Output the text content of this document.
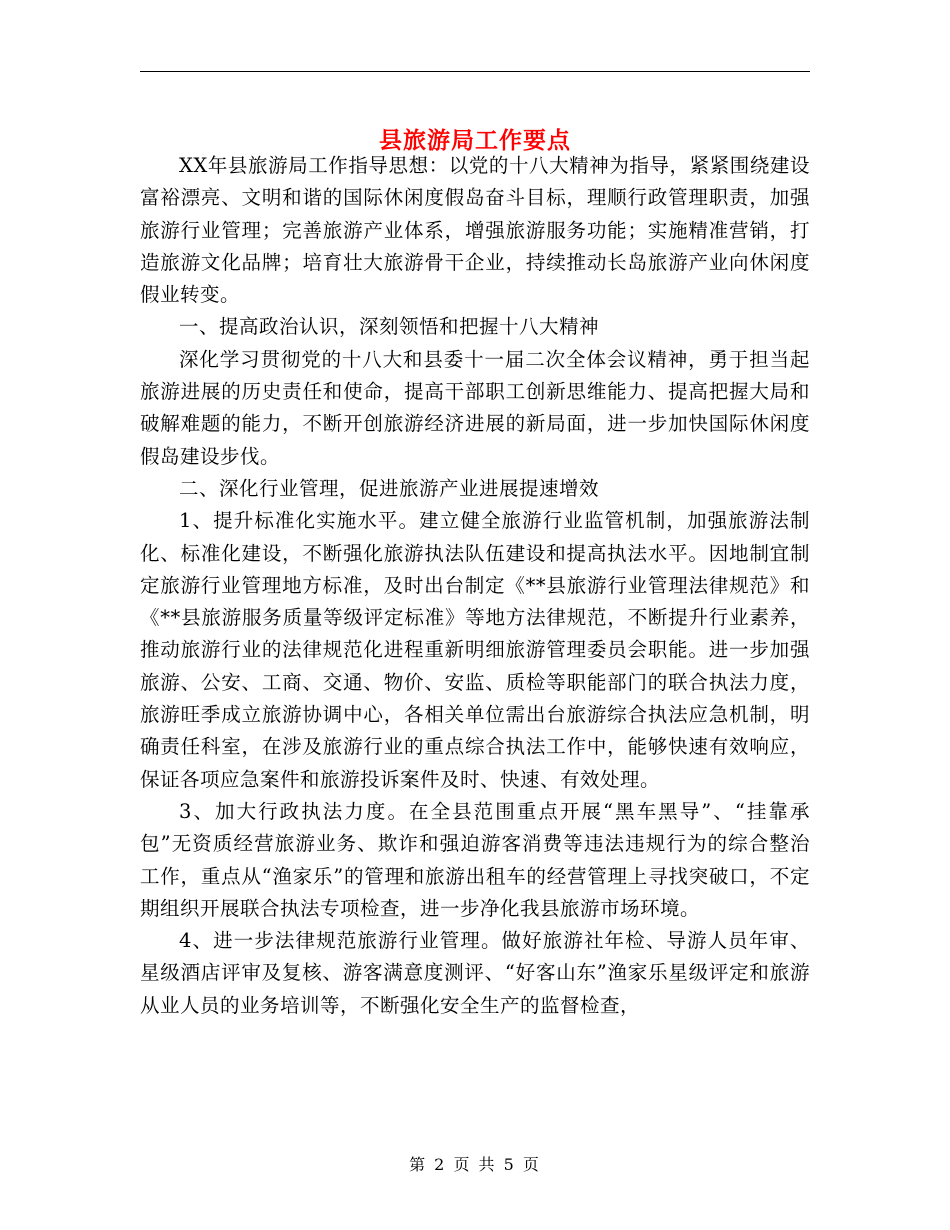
县旅游局工作要点

XX年县旅游局工作指导思想：以党的十八大精神为指导，紧紧围绕建设富裕漂亮、文明和谐的国际休闲度假岛奋斗目标，理顺行政管理职责，加强旅游行业管理；完善旅游产业体系，增强旅游服务功能；实施精准营销，打造旅游文化品牌；培育壮大旅游骨干企业，持续推动长岛旅游产业向休闲度假业转变。

一、提高政治认识，深刻领悟和把握十八大精神

深化学习贯彻党的十八大和县委十一届二次全体会议精神，勇于担当起旅游进展的历史责任和使命，提高干部职工创新思维能力、提高把握大局和破解难题的能力，不断开创旅游经济进展的新局面，进一步加快国际休闲度假岛建设步伐。

二、深化行业管理，促进旅游产业进展提速增效

1、提升标准化实施水平。建立健全旅游行业监管机制，加强旅游法制化、标准化建设，不断强化旅游执法队伍建设和提高执法水平。因地制宜制定旅游行业管理地方标准，及时出台制定《**县旅游行业管理法律规范》和《**县旅游服务质量等级评定标准》等地方法律规范，不断提升行业素养，推动旅游行业的法律规范化进程重新明细旅游管理委员会职能。进一步加强旅游、公安、工商、交通、物价、安监、质检等职能部门的联合执法力度，旅游旺季成立旅游协调中心，各相关单位需出台旅游综合执法应急机制，明确责任科室，在涉及旅游行业的重点综合执法工作中，能够快速有效响应，保证各项应急案件和旅游投诉案件及时、快速、有效处理。

3、加大行政执法力度。在全县范围重点开展“黑车黑导”、“挂靠承包”无资质经营旅游业务、欺诈和强迫游客消费等违法违规行为的综合整治工作，重点从“渔家乐”的管理和旅游出租车的经营管理上寻找突破口，不定期组织开展联合执法专项检查，进一步净化我县旅游市场环境。

4、进一步法律规范旅游行业管理。做好旅游社年检、导游人员年审、星级酒店评审及复核、游客满意度测评、“好客山东”渔家乐星级评定和旅游从业人员的业务培训等，不断强化安全生产的监督检查，

第 2 页 共 5 页
